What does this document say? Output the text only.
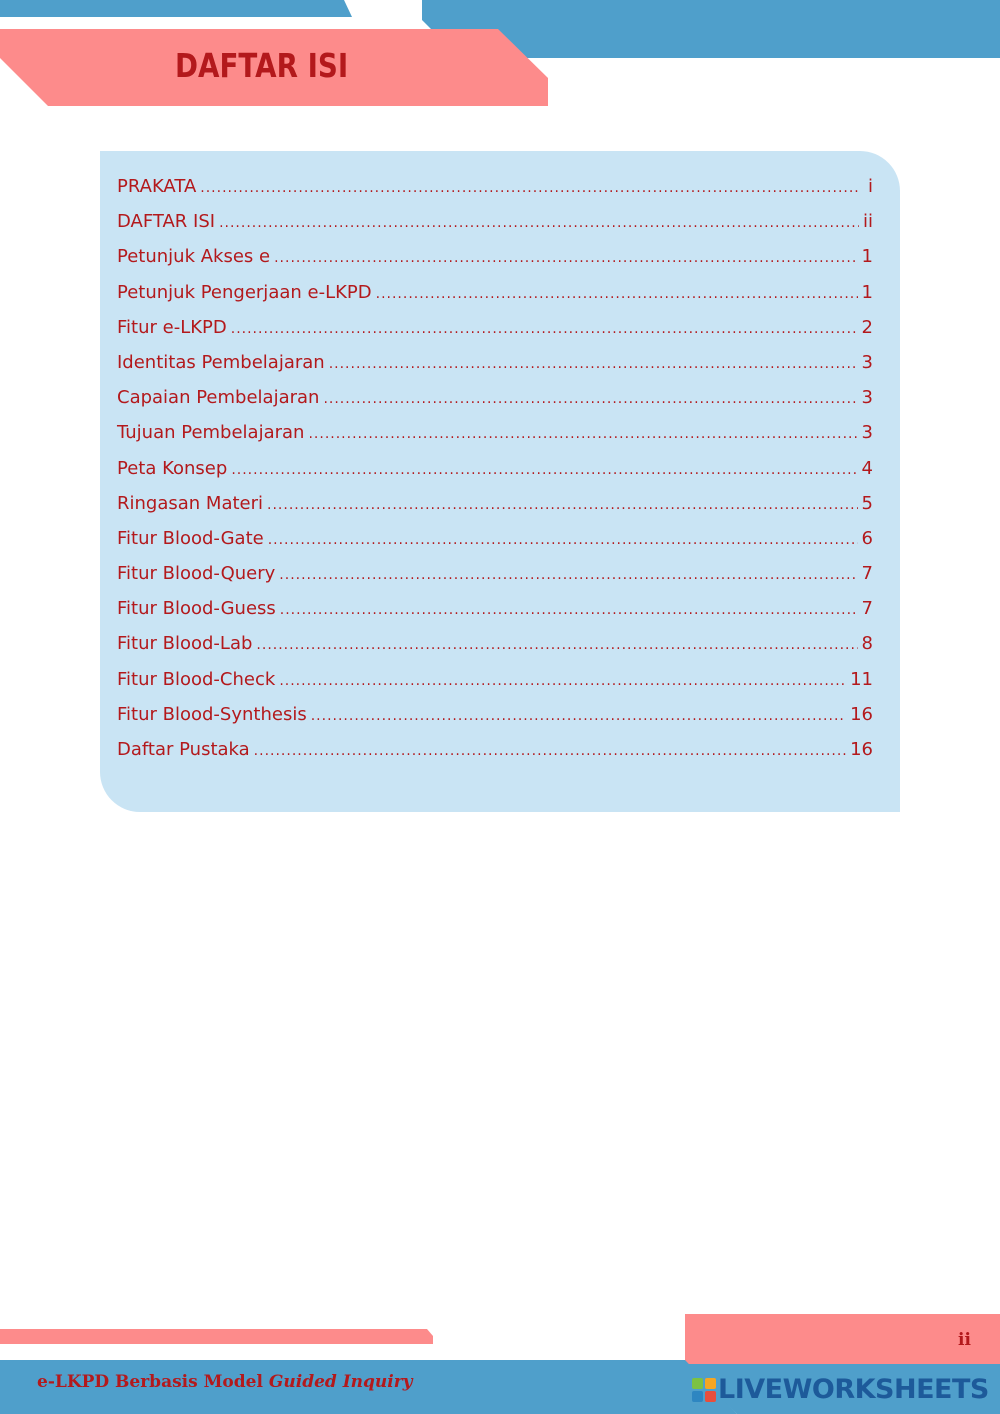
DAFTAR ISI
PRAKATA .....	i
DAFTAR ISI .....	ii
Petunjuk Akses e .....	1
Petunjuk Pengerjaan e-LKPD .....	1
Fitur e-LKPD .....	2
Identitas Pembelajaran .....	3
Capaian Pembelajaran .....	3
Tujuan Pembelajaran .....	3
Peta Konsep .....	4
Ringasan Materi .....	5
Fitur Blood-Gate .....	6
Fitur Blood-Query .....	7
Fitur Blood-Guess .....	7
Fitur Blood-Lab .....	8
Fitur Blood-Check .....	11
Fitur Blood-Synthesis .....	16
Daftar Pustaka .....	16

e-LKPD Berbasis Model Guided Inquiry

ii
LIVEWORKSHEETS
